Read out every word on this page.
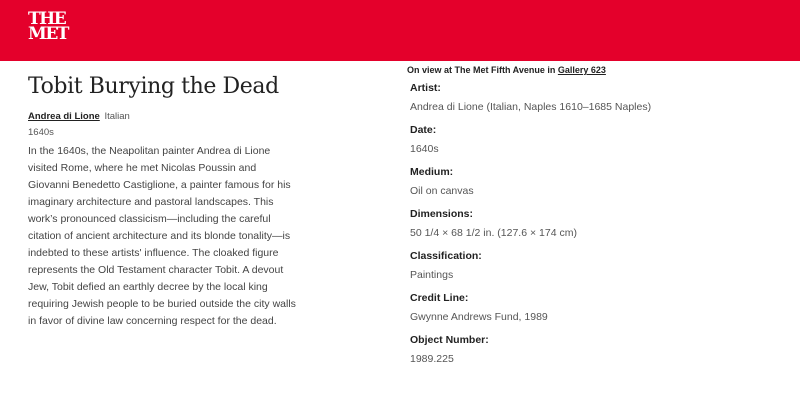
THE
MET
Tobit Burying the Dead
Andrea di Lione Italian
1640s
In the 1640s, the Neapolitan painter Andrea di Lione visited Rome, where he met Nicolas Poussin and Giovanni Benedetto Castiglione, a painter famous for his imaginary architecture and pastoral landscapes. This work’s pronounced classicism—including the careful citation of ancient architecture and its blonde tonality—is indebted to these artists' influence. The cloaked figure represents the Old Testament character Tobit. A devout Jew, Tobit defied an earthly decree by the local king requiring Jewish people to be buried outside the city walls in favor of divine law concerning respect for the dead.
On view at The Met Fifth Avenue in Gallery 623
Artist:
Andrea di Lione (Italian, Naples 1610–1685 Naples)
Date:
1640s
Medium:
Oil on canvas
Dimensions:
50 1/4 × 68 1/2 in. (127.6 × 174 cm)
Classification:
Paintings
Credit Line:
Gwynne Andrews Fund, 1989
Object Number:
1989.225
